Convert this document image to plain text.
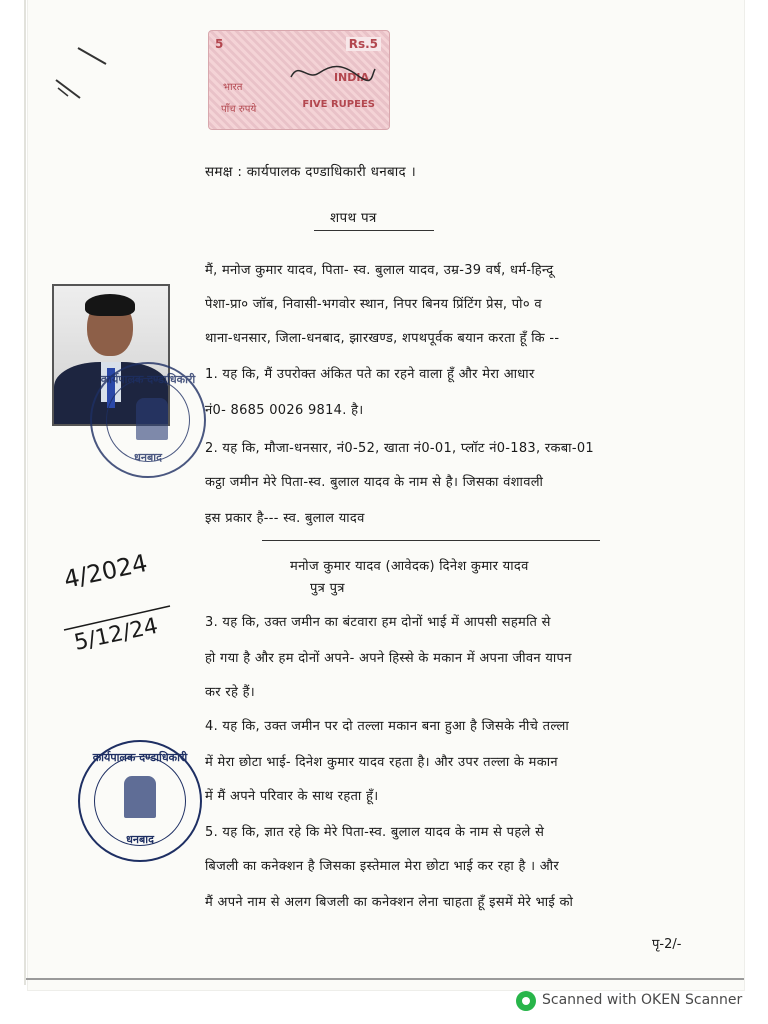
5	Rs.5
भारत
INDIA
पाँच रुपये	FIVE RUPEES
समक्ष : कार्यपालक दण्डाधिकारी धनबाद ।
शपथ पत्र
मैं, मनोज कुमार यादव, पिता- स्व. बुलाल यादव, उम्र-39 वर्ष, धर्म-हिन्दू
पेशा-प्रा० जॉब, निवासी-भगवोर स्थान, निपर बिनय प्रिंटिंग प्रेस, पो० व
थाना-धनसार, जिला-धनबाद, झारखण्ड, शपथपूर्वक बयान करता हूँ कि --
1. यह कि, मैं उपरोक्त अंकित पते का रहने वाला हूँ और मेरा आधार
नं0- 8685 0026 9814. है।
2. यह कि, मौजा-धनसार, नं0-52, खाता नं0-01, प्लॉट नं0-183, रकबा-01
कट्ठा जमीन मेरे पिता-स्व. बुलाल यादव के नाम से है। जिसका वंशावली
इस प्रकार है--- स्व. बुलाल यादव
मनोज कुमार यादव (आवेदक) दिनेश कुमार यादव
पुत्र पुत्र
3. यह कि, उक्त जमीन का बंटवारा हम दोनों भाई में आपसी सहमति से
हो गया है और हम दोनों अपने- अपने हिस्से के मकान में अपना जीवन यापन
कर रहे हैं।
4. यह कि, उक्त जमीन पर दो तल्ला मकान बना हुआ है जिसके नीचे तल्ला
में मेरा छोटा भाई- दिनेश कुमार यादव रहता है। और उपर तल्ला के मकान
में मैं अपने परिवार के साथ रहता हूँ।
5. यह कि, ज्ञात रहे कि मेरे पिता-स्व. बुलाल यादव के नाम से पहले से
बिजली का कनेक्शन है जिसका इस्तेमाल मेरा छोटा भाई कर रहा है । और
मैं अपने नाम से अलग बिजली का कनेक्शन लेना चाहता हूँ इसमें मेरे भाई को
पृ-2/-
कार्यपालक दण्डाधिकारी
धनबाद
कार्यपालक दण्डाधिकारी
धनबाद
4/2024
5/12/24
Scanned with OKEN Scanner
